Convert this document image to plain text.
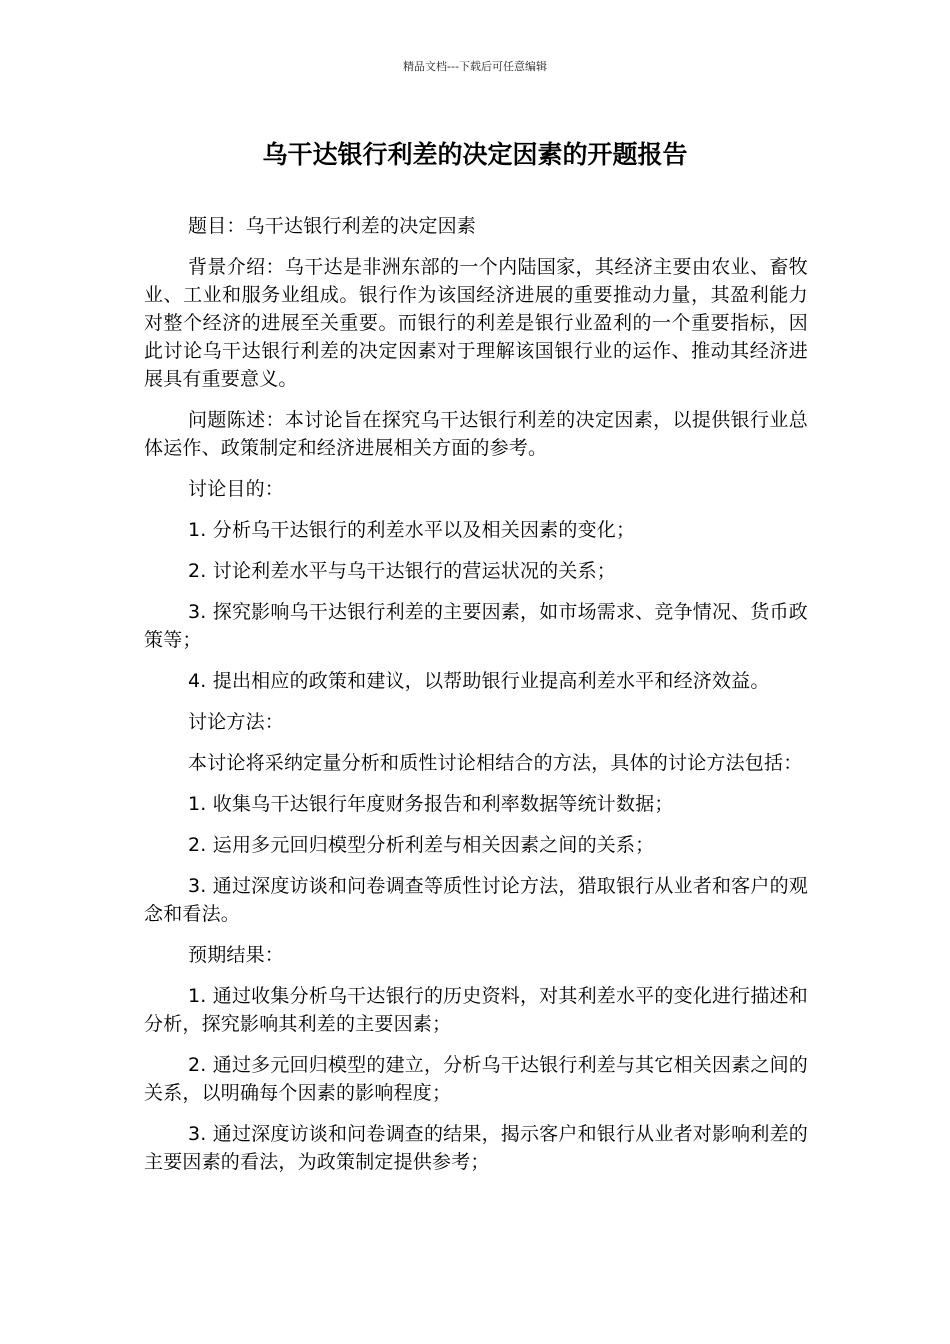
精品文档---下载后可任意编辑
乌干达银行利差的决定因素的开题报告

题目：乌干达银行利差的决定因素

背景介绍：乌干达是非洲东部的一个内陆国家，其经济主要由农业、畜牧业、工业和服务业组成。银行作为该国经济进展的重要推动力量，其盈利能力对整个经济的进展至关重要。而银行的利差是银行业盈利的一个重要指标，因此讨论乌干达银行利差的决定因素对于理解该国银行业的运作、推动其经济进展具有重要意义。

问题陈述：本讨论旨在探究乌干达银行利差的决定因素，以提供银行业总体运作、政策制定和经济进展相关方面的参考。

讨论目的：

1. 分析乌干达银行的利差水平以及相关因素的变化；

2. 讨论利差水平与乌干达银行的营运状况的关系；

3. 探究影响乌干达银行利差的主要因素，如市场需求、竞争情况、货币政策等；

4. 提出相应的政策和建议，以帮助银行业提高利差水平和经济效益。

讨论方法：

本讨论将采纳定量分析和质性讨论相结合的方法，具体的讨论方法包括：

1. 收集乌干达银行年度财务报告和利率数据等统计数据；

2. 运用多元回归模型分析利差与相关因素之间的关系；

3. 通过深度访谈和问卷调查等质性讨论方法，猎取银行从业者和客户的观念和看法。

预期结果：

1. 通过收集分析乌干达银行的历史资料，对其利差水平的变化进行描述和分析，探究影响其利差的主要因素；

2. 通过多元回归模型的建立，分析乌干达银行利差与其它相关因素之间的关系，以明确每个因素的影响程度；

3. 通过深度访谈和问卷调查的结果，揭示客户和银行从业者对影响利差的主要因素的看法，为政策制定提供参考；
